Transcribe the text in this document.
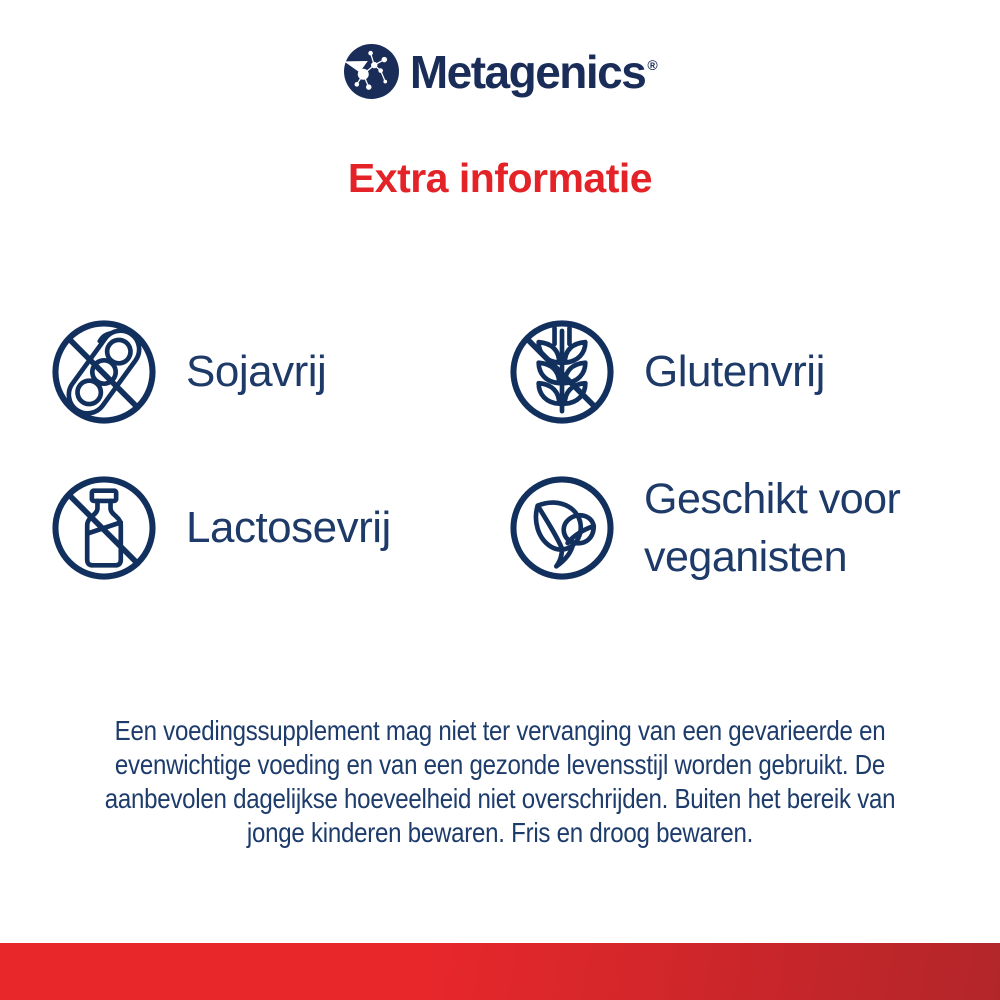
Metagenics ®
Extra informatie
Sojavrij	Glutenvrij
Lactosevrij
Geschikt voor
veganisten
Een voedingssupplement mag niet ter vervanging van een gevarieerde en
evenwichtige voeding en van een gezonde levensstijl worden gebruikt. De
aanbevolen dagelijkse hoeveelheid niet overschrijden. Buiten het bereik van
jonge kinderen bewaren. Fris en droog bewaren.
